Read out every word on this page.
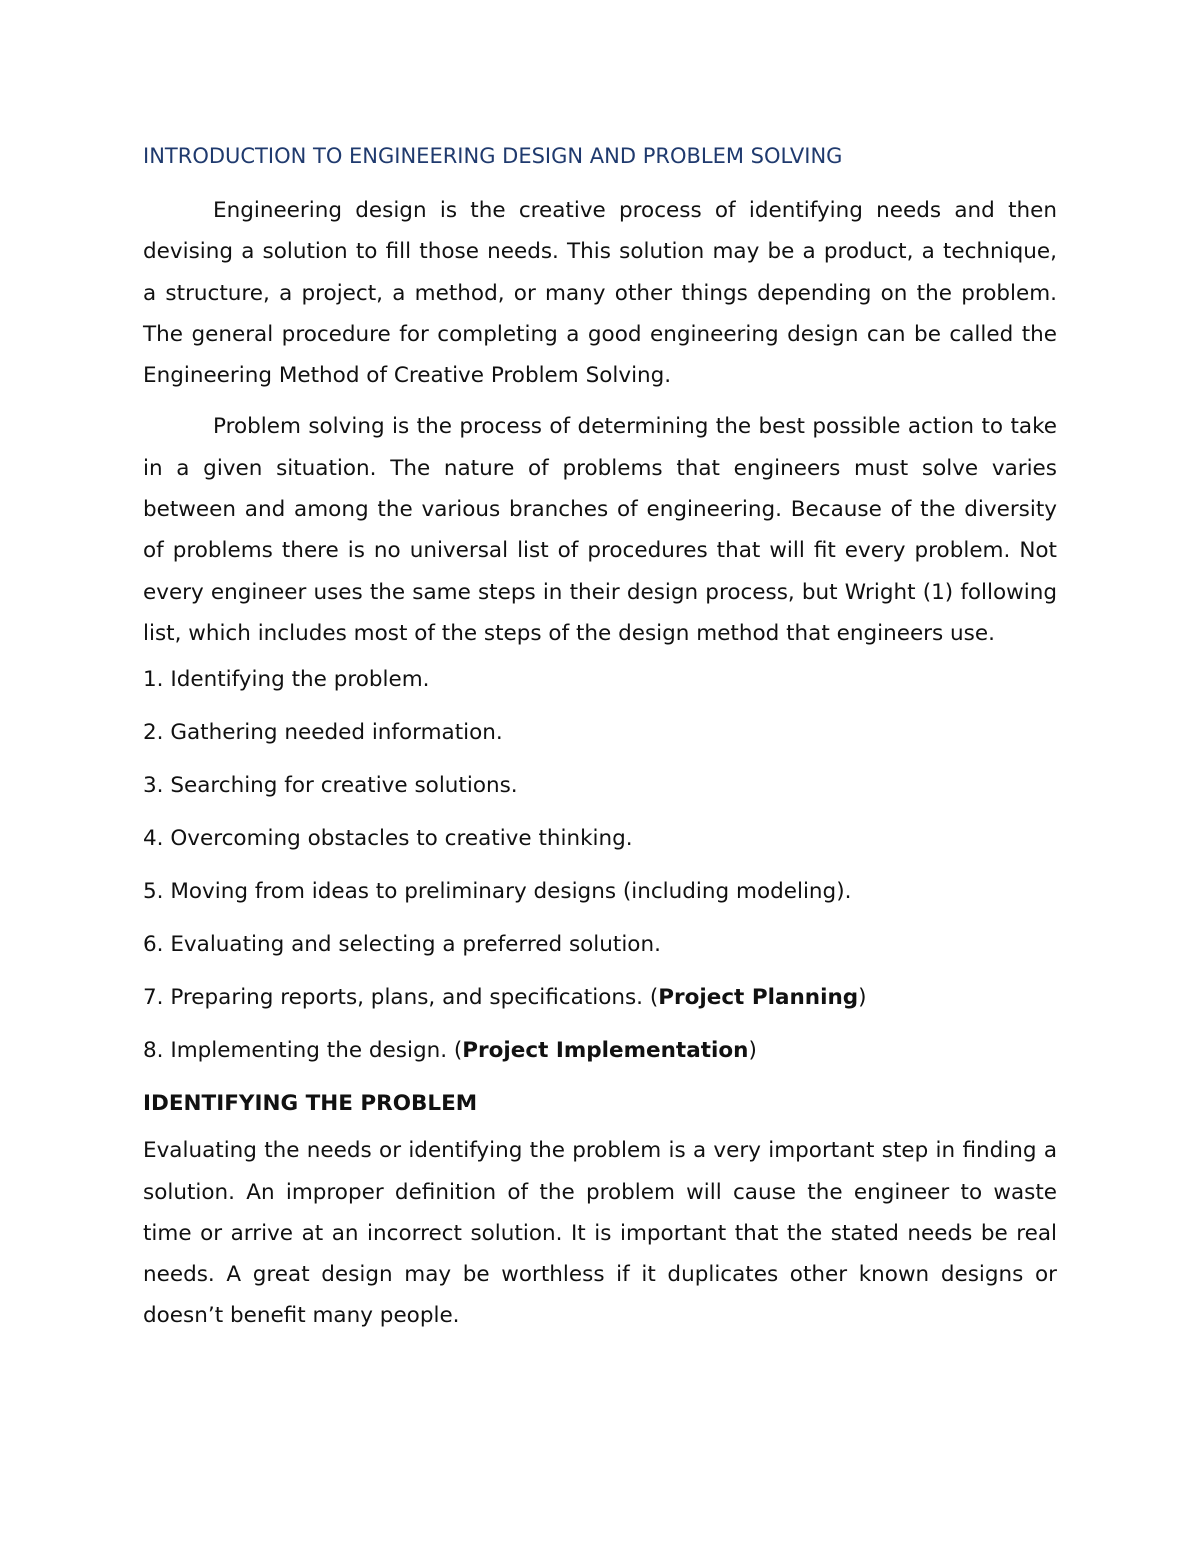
INTRODUCTION TO ENGINEERING DESIGN AND PROBLEM SOLVING

Engineering design is the creative process of identifying needs and then devising a solution to fill those needs. This solution may be a product, a technique, a structure, a project, a method, or many other things depending on the problem. The general procedure for completing a good engineering design can be called the Engineering Method of Creative Problem Solving.

Problem solving is the process of determining the best possible action to take in a given situation. The nature of problems that engineers must solve varies between and among the various branches of engineering. Because of the diversity of problems there is no universal list of procedures that will fit every problem. Not every engineer uses the same steps in their design process, but Wright (1) following list, which includes most of the steps of the design method that engineers use.

1. Identifying the problem.
2. Gathering needed information.
3. Searching for creative solutions.
4. Overcoming obstacles to creative thinking.
5. Moving from ideas to preliminary designs (including modeling).
6. Evaluating and selecting a preferred solution.
7. Preparing reports, plans, and specifications. (Project Planning)
8. Implementing the design. (Project Implementation)
IDENTIFYING THE PROBLEM

Evaluating the needs or identifying the problem is a very important step in finding a solution. An improper definition of the problem will cause the engineer to waste time or arrive at an incorrect solution. It is important that the stated needs be real needs. A great design may be worthless if it duplicates other known designs or doesn’t benefit many people.
